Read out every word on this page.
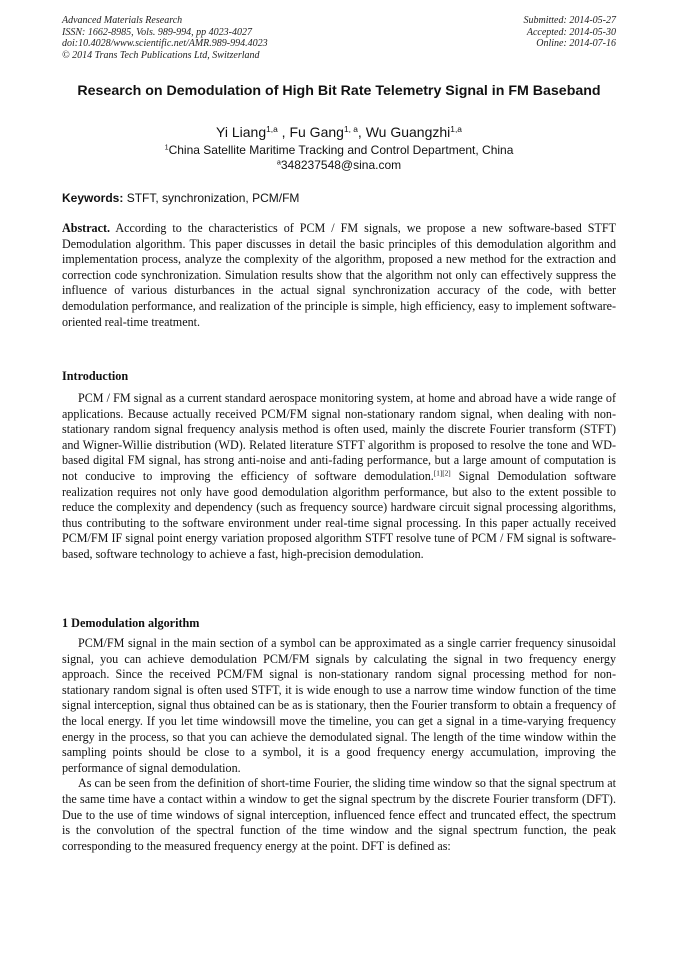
Advanced Materials Research
ISSN: 1662-8985, Vols. 989-994, pp 4023-4027
doi:10.4028/www.scientific.net/AMR.989-994.4023
© 2014 Trans Tech Publications Ltd, Switzerland
Submitted: 2014-05-27
Accepted: 2014-05-30
Online: 2014-07-16
Research on Demodulation of High Bit Rate Telemetry Signal in FM Baseband
Yi Liang$^{1,a}$ , Fu Gang$^{1, a}$, Wu Guangzhi$^{1,a}$
$^1$China Satellite Maritime Tracking and Control Department, China
$^a$348237548@sina.com
Keywords: STFT, synchronization, PCM/FM

Abstract. According to the characteristics of PCM / FM signals, we propose a new software-based STFT Demodulation algorithm. This paper discusses in detail the basic principles of this demodulation algorithm and implementation process, analyze the complexity of the algorithm, proposed a new method for the extraction and correction code synchronization. Simulation results show that the algorithm not only can effectively suppress the influence of various disturbances in the actual signal synchronization accuracy of the code, with better demodulation performance, and realization of the principle is simple, high efficiency, easy to implement software-oriented real-time treatment.

Introduction

PCM / FM signal as a current standard aerospace monitoring system, at home and abroad have a wide range of applications. Because actually received PCM/FM signal non-stationary random signal, when dealing with non-stationary random signal frequency analysis method is often used, mainly the discrete Fourier transform (STFT) and Wigner-Willie distribution (WD). Related literature STFT algorithm is proposed to resolve the tone and WD-based digital FM signal, has strong anti-noise and anti-fading performance, but a large amount of computation is not conducive to improving the efficiency of software demodulation.[1][2] Signal Demodulation software realization requires not only have good demodulation algorithm performance, but also to the extent possible to reduce the complexity and dependency (such as frequency source) hardware circuit signal processing algorithms, thus contributing to the software environment under real-time signal processing. In this paper actually received PCM/FM IF signal point energy variation proposed algorithm STFT resolve tune of PCM / FM signal is software-based, software technology to achieve a fast, high-precision demodulation.

1 Demodulation algorithm

PCM/FM signal in the main section of a symbol can be approximated as a single carrier frequency sinusoidal signal, you can achieve demodulation PCM/FM signals by calculating the signal in two frequency energy approach. Since the received PCM/FM signal is non-stationary random signal processing method for non-stationary random signal is often used STFT, it is wide enough to use a narrow time window function of the time signal interception, signal thus obtained can be as is stationary, then the Fourier transform to obtain a frequency of the local energy. If you let time windowsill move the timeline, you can get a signal in a time-varying frequency energy in the process, so that you can achieve the demodulated signal. The length of the time window within the sampling points should be close to a symbol, it is a good frequency energy accumulation, improving the performance of signal demodulation.

As can be seen from the definition of short-time Fourier, the sliding time window so that the signal spectrum at the same time have a contact within a window to get the signal spectrum by the discrete Fourier transform (DFT). Due to the use of time windows of signal interception, influenced fence effect and truncated effect, the spectrum is the convolution of the spectral function of the time window and the signal spectrum function, the peak corresponding to the measured frequency energy at the point. DFT is defined as:
